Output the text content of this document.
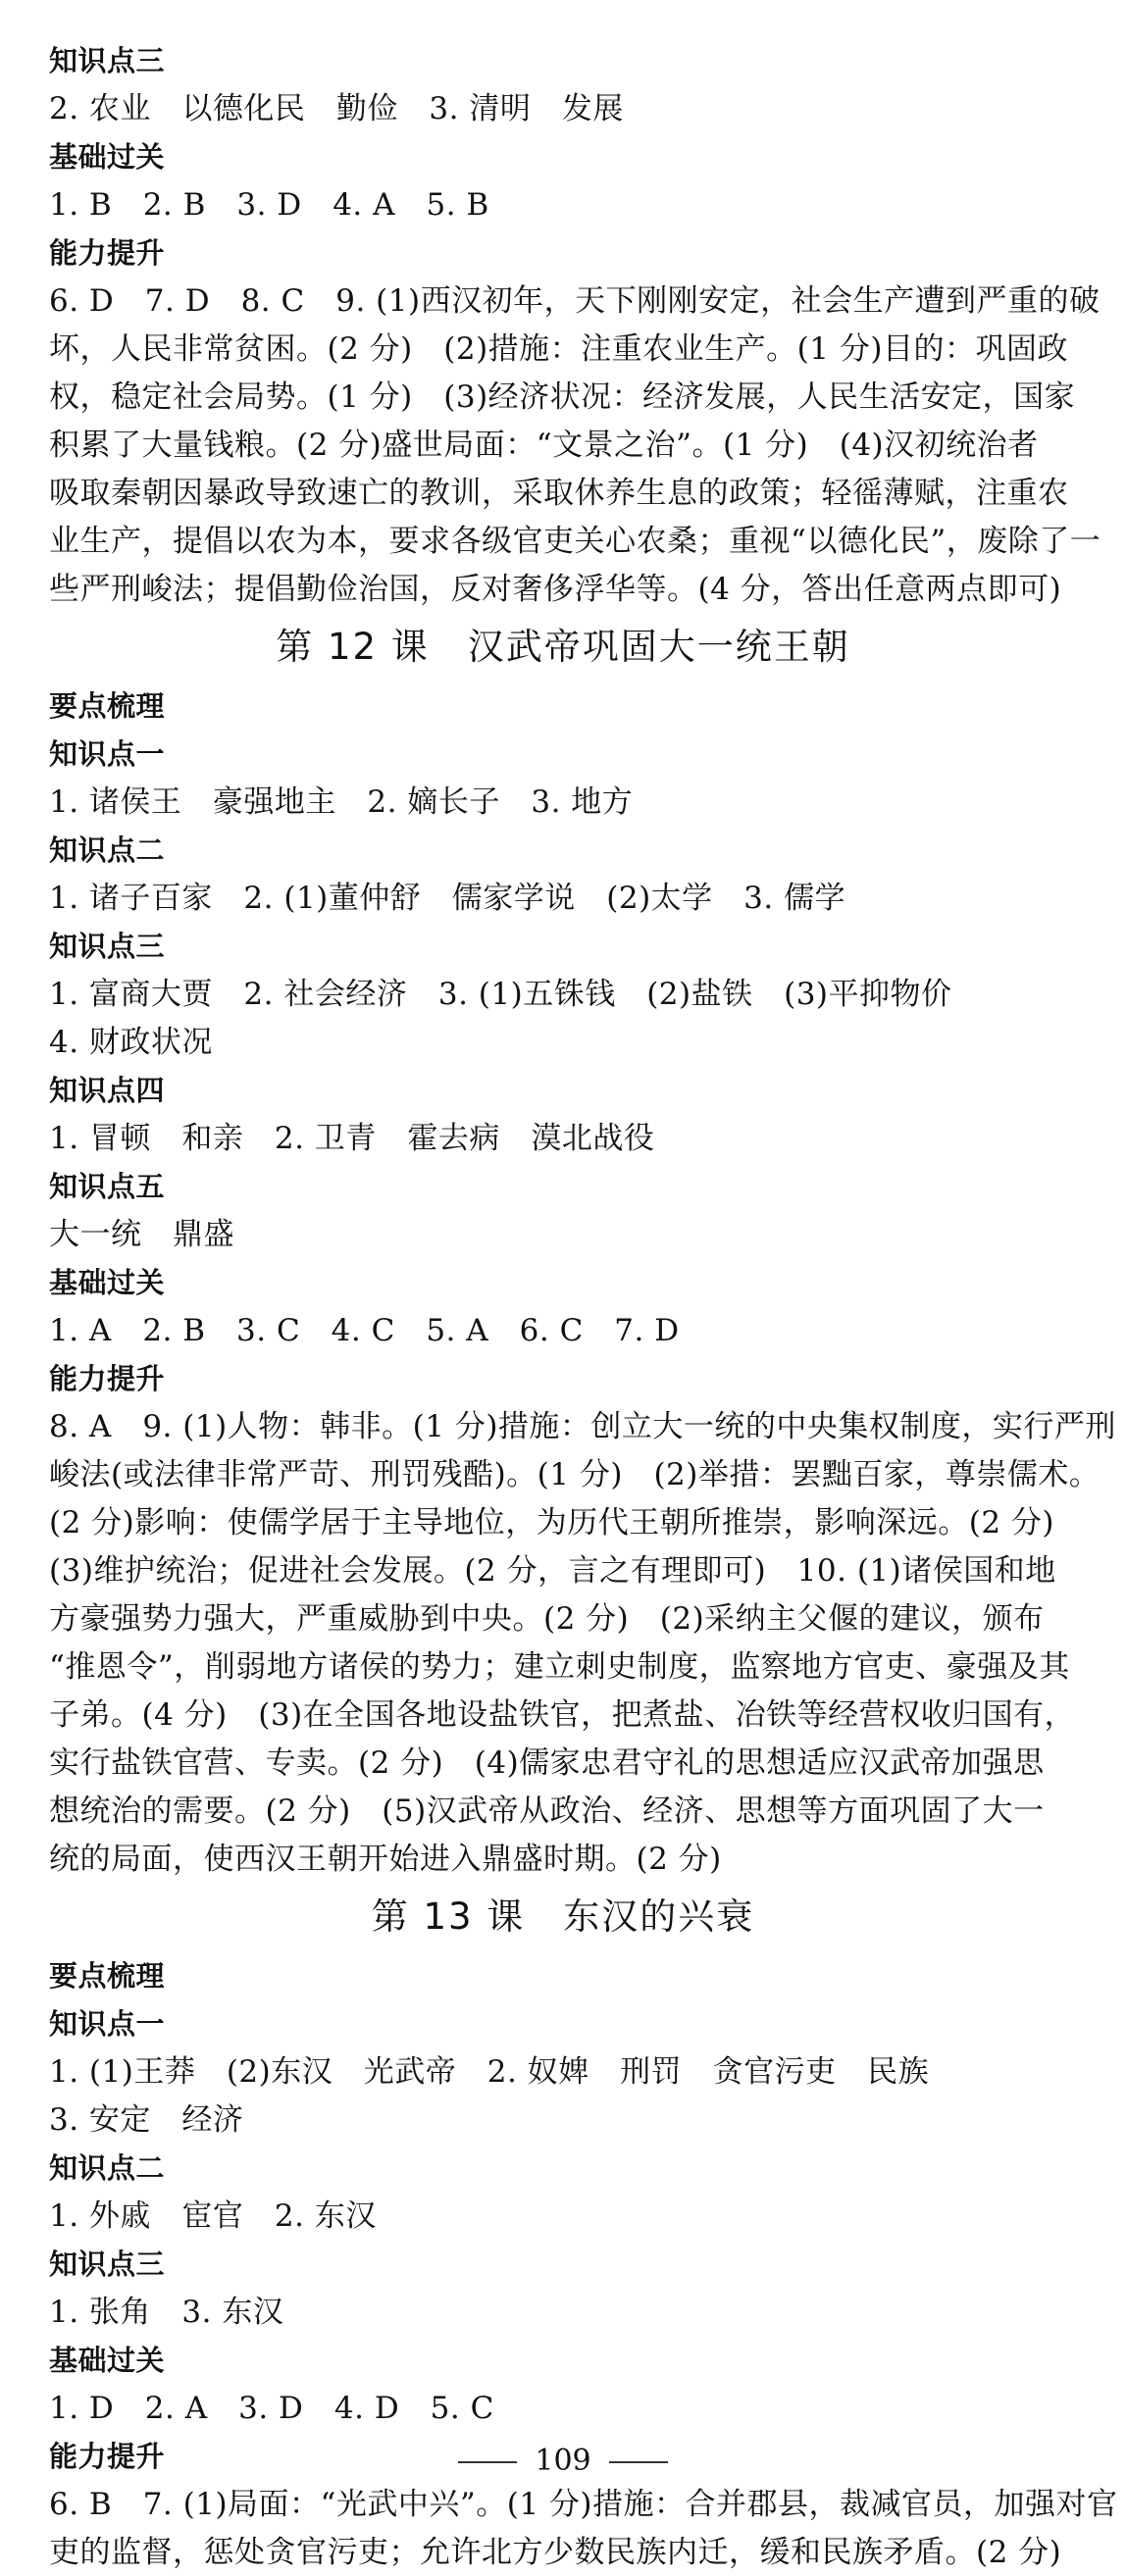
知识点三
2. 农业　以德化民　勤俭　3. 清明　发展
基础过关
1. B　2. B　3. D　4. A　5. B
能力提升
6. D　7. D　8. C　9. (1)西汉初年，天下刚刚安定，社会生产遭到严重的破
坏，人民非常贫困。(2 分)　(2)措施：注重农业生产。(1 分)目的：巩固政
权，稳定社会局势。(1 分)　(3)经济状况：经济发展，人民生活安定，国家
积累了大量钱粮。(2 分)盛世局面：“文景之治”。(1 分)　(4)汉初统治者
吸取秦朝因暴政导致速亡的教训，采取休养生息的政策；轻徭薄赋，注重农
业生产，提倡以农为本，要求各级官吏关心农桑；重视“以德化民”，废除了一
些严刑峻法；提倡勤俭治国，反对奢侈浮华等。(4 分，答出任意两点即可)
第 12 课　汉武帝巩固大一统王朝
要点梳理
知识点一
1. 诸侯王　豪强地主　2. 嫡长子　3. 地方
知识点二
1. 诸子百家　2. (1)董仲舒　儒家学说　(2)太学　3. 儒学
知识点三
1. 富商大贾　2. 社会经济　3. (1)五铢钱　(2)盐铁　(3)平抑物价
4. 财政状况
知识点四
1. 冒顿　和亲　2. 卫青　霍去病　漠北战役
知识点五
大一统　鼎盛
基础过关
1. A　2. B　3. C　4. C　5. A　6. C　7. D
能力提升
8. A　9. (1)人物：韩非。(1 分)措施：创立大一统的中央集权制度，实行严刑
峻法(或法律非常严苛、刑罚残酷)。(1 分)　(2)举措：罢黜百家，尊崇儒术。
(2 分)影响：使儒学居于主导地位，为历代王朝所推崇，影响深远。(2 分)
(3)维护统治；促进社会发展。(2 分，言之有理即可)　10. (1)诸侯国和地
方豪强势力强大，严重威胁到中央。(2 分)　(2)采纳主父偃的建议，颁布
“推恩令”，削弱地方诸侯的势力；建立刺史制度，监察地方官吏、豪强及其
子弟。(4 分)　(3)在全国各地设盐铁官，把煮盐、冶铁等经营权收归国有，
实行盐铁官营、专卖。(2 分)　(4)儒家忠君守礼的思想适应汉武帝加强思
想统治的需要。(2 分)　(5)汉武帝从政治、经济、思想等方面巩固了大一
统的局面，使西汉王朝开始进入鼎盛时期。(2 分)
第 13 课　东汉的兴衰
要点梳理
知识点一
1. (1)王莽　(2)东汉　光武帝　2. 奴婢　刑罚　贪官污吏　民族
3. 安定　经济
知识点二
1. 外戚　宦官　2. 东汉
知识点三
1. 张角　3. 东汉
基础过关
1. D　2. A　3. D　4. D　5. C
能力提升
6. B　7. (1)局面：“光武中兴”。(1 分)措施：合并郡县，裁减官员，加强对官
吏的监督，惩处贪官污吏；允许北方少数民族内迁，缓和民族矛盾。(2 分)
109
